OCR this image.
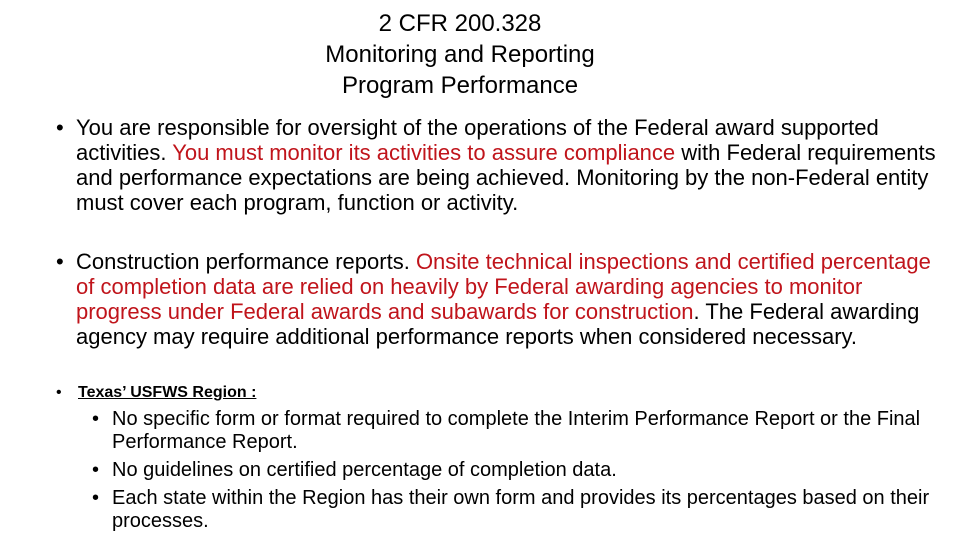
2 CFR 200.328
Monitoring and Reporting
Program Performance
• You are responsible for oversight of the operations of the Federal award supported activities. You must monitor its activities to assure compliance with Federal requirements and performance expectations are being achieved. Monitoring by the non-Federal entity must cover each program, function or activity.
• Construction performance reports. Onsite technical inspections and certified percentage of completion data are relied on heavily by Federal awarding agencies to monitor progress under Federal awards and subawards for construction. The Federal awarding agency may require additional performance reports when considered necessary.
• Texas’ USFWS Region :
• No specific form or format required to complete the Interim Performance Report or the Final Performance Report.
• No guidelines on certified percentage of completion data.
• Each state within the Region has their own form and provides its percentages based on their processes.
